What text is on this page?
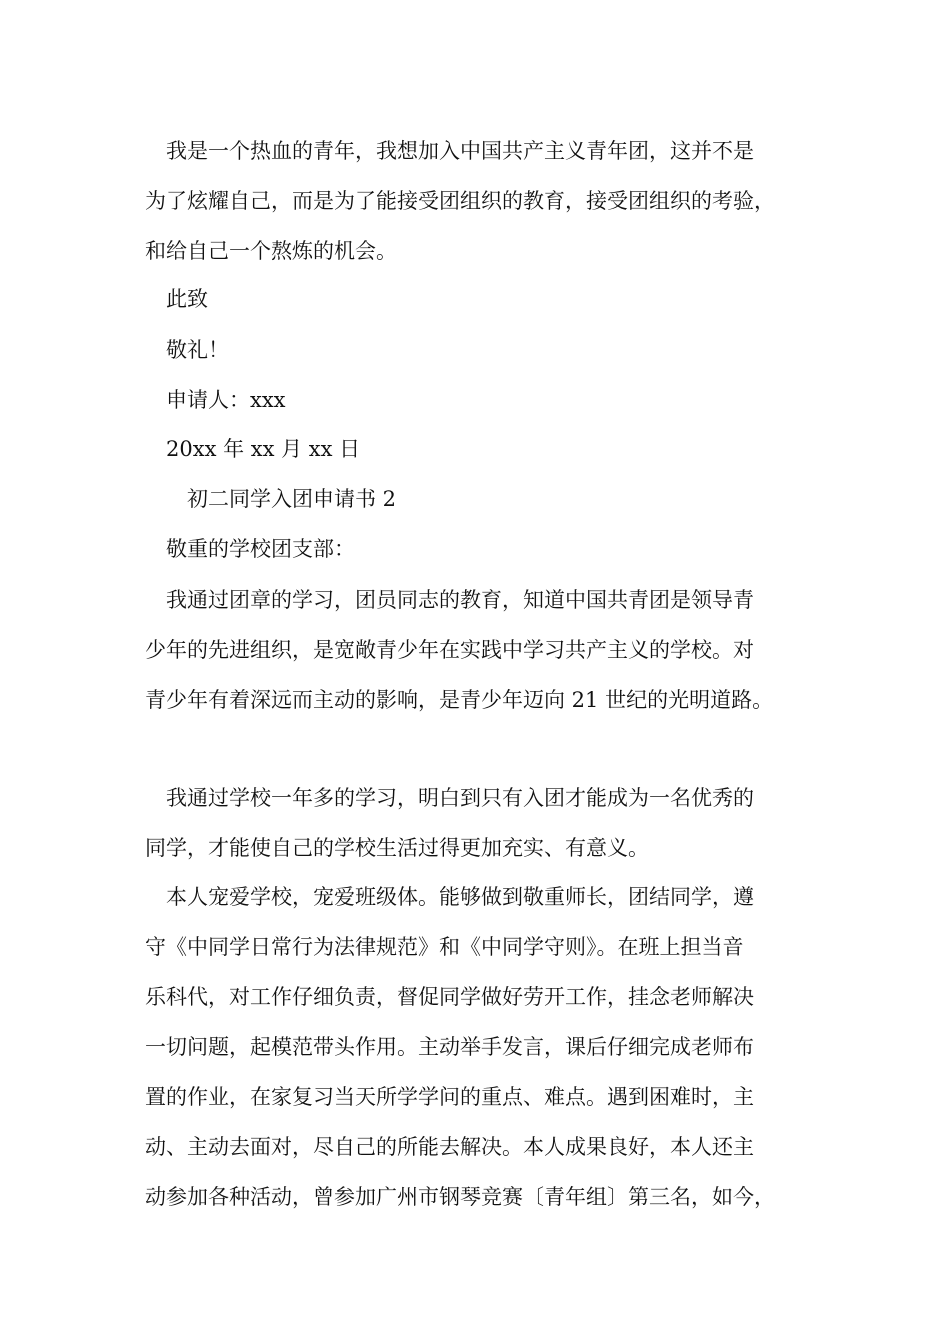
　我是一个热血的青年，我想加入中国共产主义青年团，这并不是
为了炫耀自己，而是为了能接受团组织的教育，接受团组织的考验，
和给自己一个熬炼的机会。

　此致

　敬礼！

　申请人：xxx

　20xx 年 xx 月 xx 日

　　初二同学入团申请书 2

　敬重的学校团支部：

　我通过团章的学习，团员同志的教育，知道中国共青团是领导青
少年的先进组织，是宽敞青少年在实践中学习共产主义的学校。对
青少年有着深远而主动的影响，是青少年迈向 21 世纪的光明道路。

　我通过学校一年多的学习，明白到只有入团才能成为一名优秀的
同学，才能使自己的学校生活过得更加充实、有意义。

　本人宠爱学校，宠爱班级体。能够做到敬重师长，团结同学，遵
守《中同学日常行为法律规范》和《中同学守则》。在班上担当音
乐科代，对工作仔细负责，督促同学做好劳开工作，挂念老师解决
一切问题，起模范带头作用。主动举手发言，课后仔细完成老师布
置的作业，在家复习当天所学学问的重点、难点。遇到困难时，主
动、主动去面对，尽自己的所能去解决。本人成果良好，本人还主
动参加各种活动，曾参加广州市钢琴竞赛〔青年组〕第三名，如今，
